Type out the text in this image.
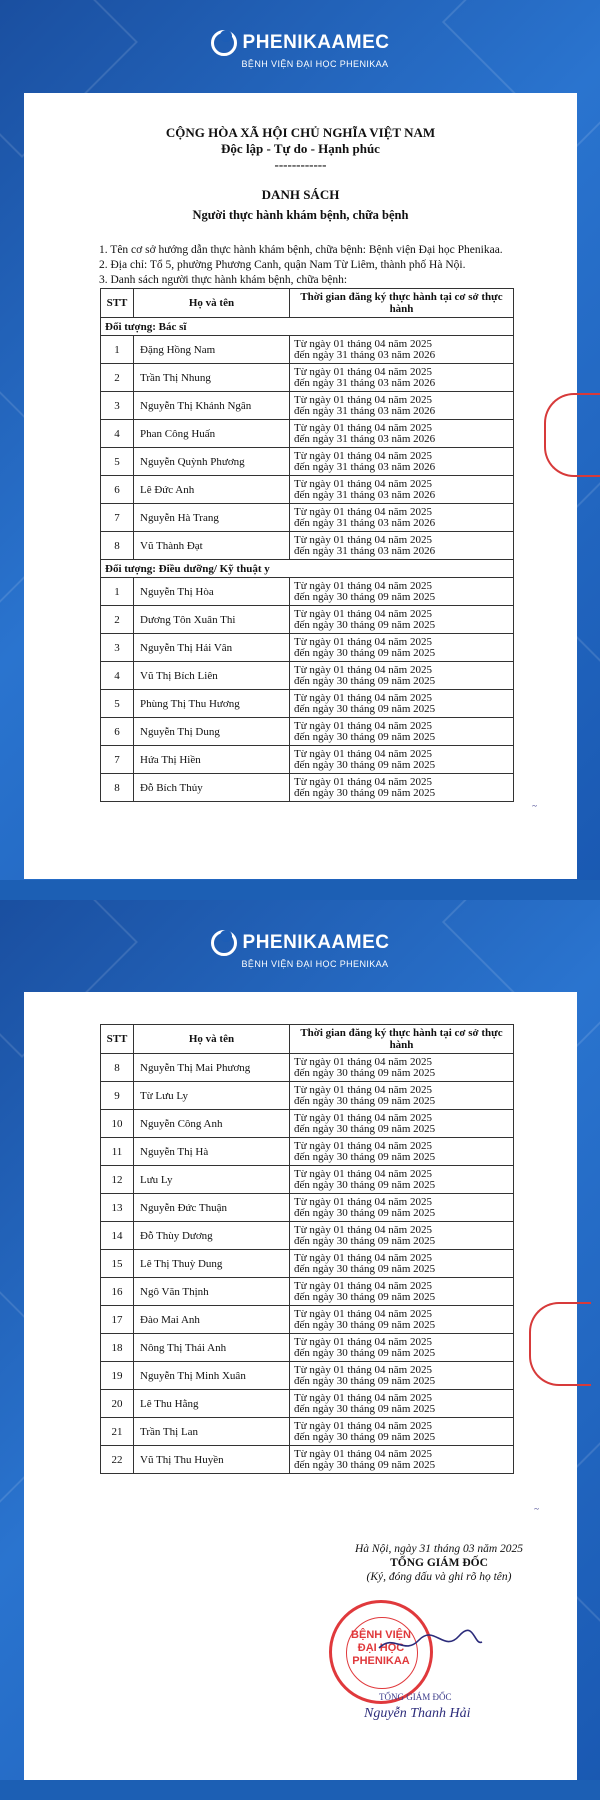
PHENIKAAMEC
BỆNH VIỆN ĐẠI HỌC PHENIKAA
CỘNG HÒA XÃ HỘI CHỦ NGHĨA VIỆT NAM
Độc lập - Tự do - Hạnh phúc
------------
DANH SÁCH
Người thực hành khám bệnh, chữa bệnh
1. Tên cơ sở hướng dẫn thực hành khám bệnh, chữa bệnh: Bệnh viện Đại học Phenikaa.
2. Địa chỉ: Tổ 5, phường Phương Canh, quận Nam Từ Liêm, thành phố Hà Nội.
3. Danh sách người thực hành khám bệnh, chữa bệnh:
STT	Họ và tên	Thời gian đăng ký thực hành tại cơ sở thực hành
Đối tượng: Bác sĩ		
1	Đặng Hồng Nam	Từ ngày 01 tháng 04 năm 2025
đến ngày 31 tháng 03 năm 2026

2	Trần Thị Nhung	Từ ngày 01 tháng 04 năm 2025
đến ngày 31 tháng 03 năm 2026

3	Nguyễn Thị Khánh Ngân	Từ ngày 01 tháng 04 năm 2025
đến ngày 31 tháng 03 năm 2026

4	Phan Công Huấn	Từ ngày 01 tháng 04 năm 2025
đến ngày 31 tháng 03 năm 2026

5	Nguyễn Quỳnh Phương	Từ ngày 01 tháng 04 năm 2025
đến ngày 31 tháng 03 năm 2026

6	Lê Đức Anh	Từ ngày 01 tháng 04 năm 2025
đến ngày 31 tháng 03 năm 2026

7	Nguyễn Hà Trang	Từ ngày 01 tháng 04 năm 2025
đến ngày 31 tháng 03 năm 2026

8	Vũ Thành Đạt	Từ ngày 01 tháng 04 năm 2025
đến ngày 31 tháng 03 năm 2026

Đối tượng: Điều dưỡng/ Kỹ thuật y		
1	Nguyễn Thị Hòa	Từ ngày 01 tháng 04 năm 2025
đến ngày 30 tháng 09 năm 2025

2	Dương Tôn Xuân Thi	Từ ngày 01 tháng 04 năm 2025
đến ngày 30 tháng 09 năm 2025

3	Nguyễn Thị Hải Vân	Từ ngày 01 tháng 04 năm 2025
đến ngày 30 tháng 09 năm 2025

4	Vũ Thị Bích Liên	Từ ngày 01 tháng 04 năm 2025
đến ngày 30 tháng 09 năm 2025

5	Phùng Thị Thu Hương	Từ ngày 01 tháng 04 năm 2025
đến ngày 30 tháng 09 năm 2025

6	Nguyễn Thị Dung	Từ ngày 01 tháng 04 năm 2025
đến ngày 30 tháng 09 năm 2025

7	Hứa Thị Hiền	Từ ngày 01 tháng 04 năm 2025
đến ngày 30 tháng 09 năm 2025

8	Đỗ Bích Thủy	Từ ngày 01 tháng 04 năm 2025
đến ngày 30 tháng 09 năm 2025
~
PHENIKAAMEC
BỆNH VIỆN ĐẠI HỌC PHENIKAA
STT	Họ và tên	Thời gian đăng ký thực hành tại cơ sở thực hành
8	Nguyễn Thị Mai Phương	Từ ngày 01 tháng 04 năm 2025
đến ngày 30 tháng 09 năm 2025

9	Từ Lưu Ly	Từ ngày 01 tháng 04 năm 2025
đến ngày 30 tháng 09 năm 2025

10	Nguyễn Công Anh	Từ ngày 01 tháng 04 năm 2025
đến ngày 30 tháng 09 năm 2025

11	Nguyễn Thị Hà	Từ ngày 01 tháng 04 năm 2025
đến ngày 30 tháng 09 năm 2025

12	Lưu Ly	Từ ngày 01 tháng 04 năm 2025
đến ngày 30 tháng 09 năm 2025

13	Nguyễn Đức Thuận	Từ ngày 01 tháng 04 năm 2025
đến ngày 30 tháng 09 năm 2025

14	Đỗ Thùy Dương	Từ ngày 01 tháng 04 năm 2025
đến ngày 30 tháng 09 năm 2025

15	Lê Thị Thuỳ Dung	Từ ngày 01 tháng 04 năm 2025
đến ngày 30 tháng 09 năm 2025

16	Ngô Văn Thịnh	Từ ngày 01 tháng 04 năm 2025
đến ngày 30 tháng 09 năm 2025

17	Đào Mai Anh	Từ ngày 01 tháng 04 năm 2025
đến ngày 30 tháng 09 năm 2025

18	Nông Thị Thái Anh	Từ ngày 01 tháng 04 năm 2025
đến ngày 30 tháng 09 năm 2025

19	Nguyễn Thị Minh Xuân	Từ ngày 01 tháng 04 năm 2025
đến ngày 30 tháng 09 năm 2025

20	Lê Thu Hằng	Từ ngày 01 tháng 04 năm 2025
đến ngày 30 tháng 09 năm 2025

21	Trần Thị Lan	Từ ngày 01 tháng 04 năm 2025
đến ngày 30 tháng 09 năm 2025

22	Vũ Thị Thu Huyền	Từ ngày 01 tháng 04 năm 2025
đến ngày 30 tháng 09 năm 2025
~
Hà Nội, ngày 31 tháng 03 năm 2025
TỔNG GIÁM ĐỐC
(Ký, đóng dấu và ghi rõ họ tên)
BỆNH VIỆN
ĐẠI HỌC
PHENIKAA
TỔNG GIÁM ĐỐC
Nguyễn Thanh Hải
